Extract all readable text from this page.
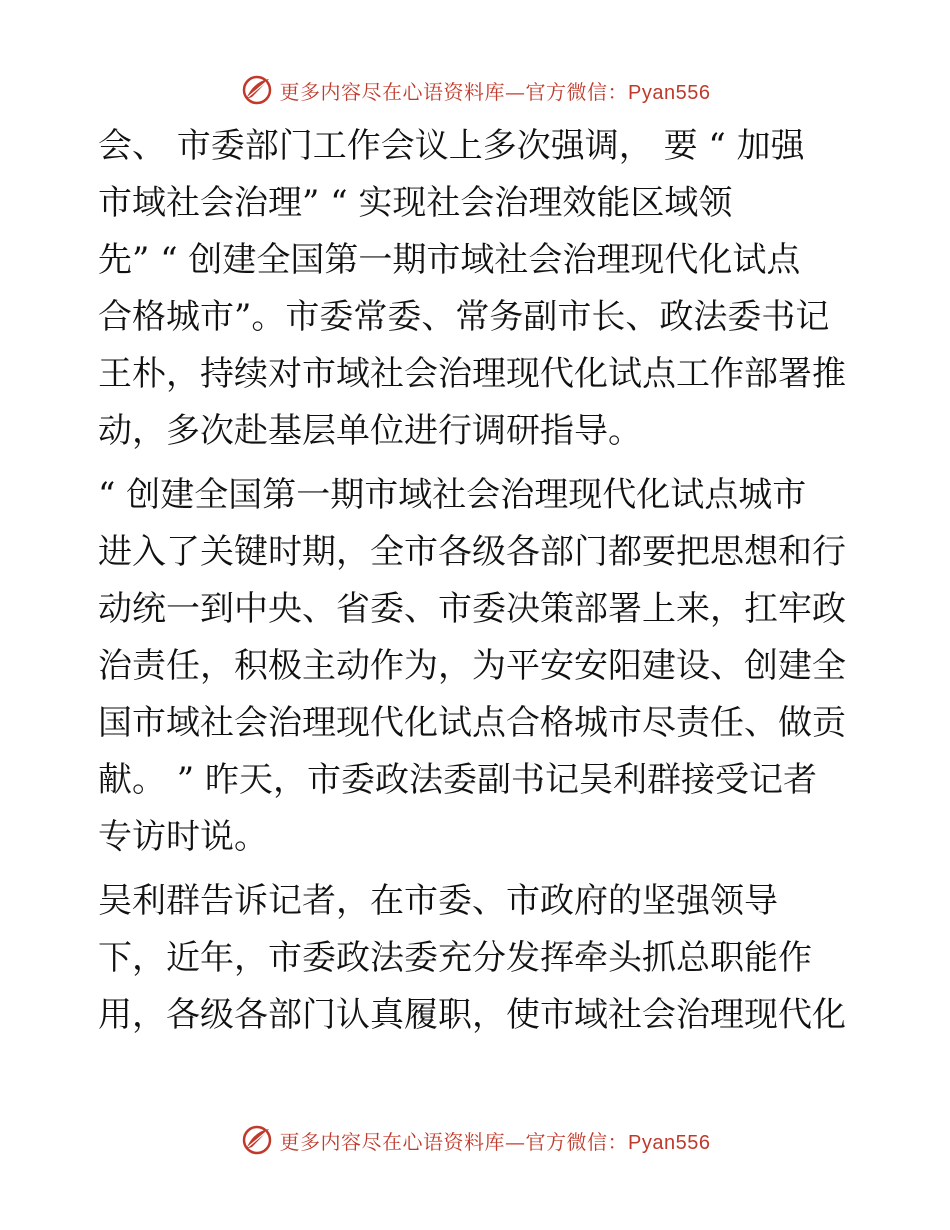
更多内容尽在心语资料库—官方微信：Pyan556
会、 市委部门工作会议上多次强调， 要 “ 加强
市域社会治理” “ 实现社会治理效能区域领
先” “ 创建全国第一期市域社会治理现代化试点
合格城市”。市委常委、常务副市长、政法委书记
王朴，持续对市域社会治理现代化试点工作部署推
动，多次赴基层单位进行调研指导。
“ 创建全国第一期市域社会治理现代化试点城市
进入了关键时期，全市各级各部门都要把思想和行
动统一到中央、省委、市委决策部署上来，扛牢政
治责任，积极主动作为，为平安安阳建设、创建全
国市域社会治理现代化试点合格城市尽责任、做贡
献。 ” 昨天，市委政法委副书记吴利群接受记者
专访时说。
吴利群告诉记者，在市委、市政府的坚强领导
下，近年，市委政法委充分发挥牵头抓总职能作
用，各级各部门认真履职，使市域社会治理现代化
更多内容尽在心语资料库—官方微信：Pyan556
